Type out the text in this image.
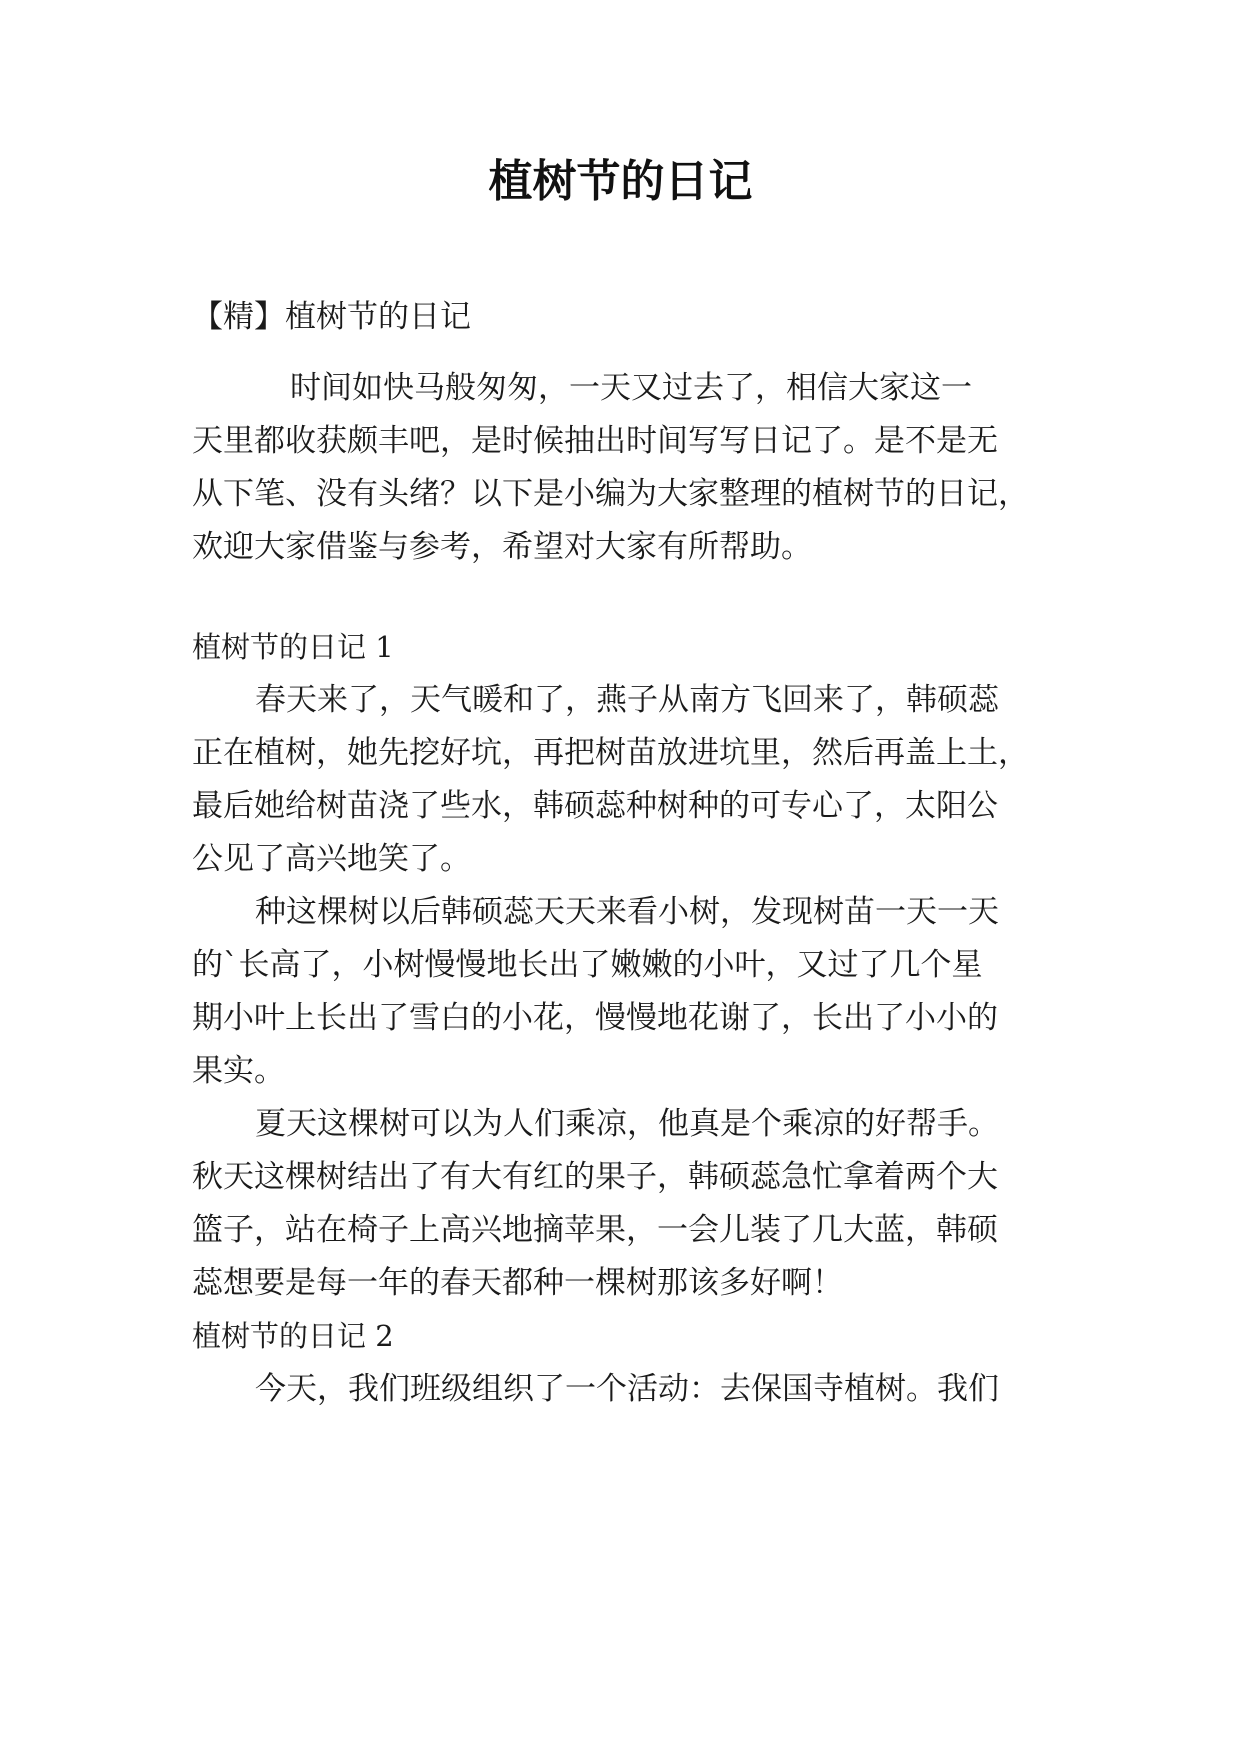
植树节的日记

【精】植树节的日记

时间如快马般匆匆，一天又过去了，相信大家这一

天里都收获颇丰吧，是时候抽出时间写写日记了。是不是无

从下笔、没有头绪？以下是小编为大家整理的植树节的日记，

欢迎大家借鉴与参考，希望对大家有所帮助。

植树节的日记 1

春天来了，天气暖和了，燕子从南方飞回来了，韩硕蕊

正在植树，她先挖好坑，再把树苗放进坑里，然后再盖上土，

最后她给树苗浇了些水，韩硕蕊种树种的可专心了，太阳公

公见了高兴地笑了。

种这棵树以后韩硕蕊天天来看小树，发现树苗一天一天

的`长高了，小树慢慢地长出了嫩嫩的小叶，又过了几个星

期小叶上长出了雪白的小花，慢慢地花谢了，长出了小小的

果实。

夏天这棵树可以为人们乘凉，他真是个乘凉的好帮手。

秋天这棵树结出了有大有红的果子，韩硕蕊急忙拿着两个大

篮子，站在椅子上高兴地摘苹果，一会儿装了几大蓝，韩硕

蕊想要是每一年的春天都种一棵树那该多好啊！

植树节的日记 2

今天，我们班级组织了一个活动：去保国寺植树。我们
